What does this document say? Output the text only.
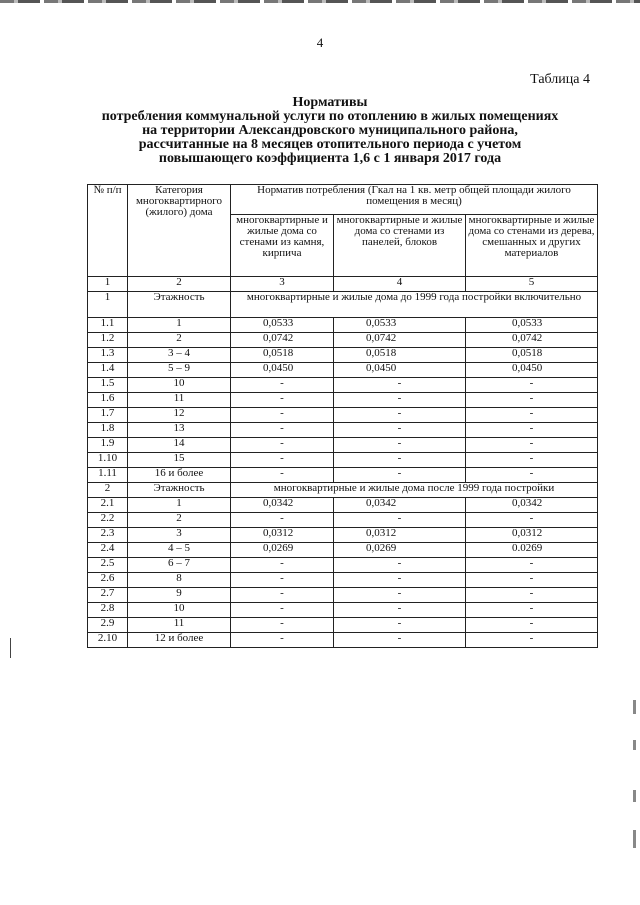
4
Таблица 4
Нормативы
потребления коммунальной услуги по отоплению в жилых помещениях
на территории Александровского муниципального района,
рассчитанные на 8 месяцев отопительного периода с учетом
повышающего коэффициента 1,6 с 1 января 2017 года
№ п/п	Категория многоквартирного (жилого) дома	Норматив потребления (Гкал на 1 кв. метр общей площади жилого помещения в месяц)		
		многоквартирные и жилые дома со стенами из камня, кирпича	многоквартирные и жилые дома со стенами из панелей, блоков	многоквартирные и жилые дома со стенами из дерева, смешанных и других материалов
1	2	3	4	5
1	Этажность	многоквартирные и жилые дома до 1999 года постройки включительно		
1.1	1	0,0533	0,0533	0,0533
1.2	2	0,0742	0,0742	0,0742
1.3	3 – 4	0,0518	0,0518	0,0518
1.4	5 – 9	0,0450	0,0450	0,0450
1.5	10	-	-	-
1.6	11	-	-	-
1.7	12	-	-	-
1.8	13	-	-	-
1.9	14	-	-	-
1.10	15	-	-	-
1.11	16 и более	-	-	-
2	Этажность	многоквартирные и жилые дома после 1999 года постройки		
2.1	1	0,0342	0,0342	0,0342
2.2	2	-	-	-
2.3	3	0,0312	0,0312	0,0312
2.4	4 – 5	0,0269	0,0269	0.0269
2.5	6 – 7	-	-	-
2.6	8	-	-	-
2.7	9	-	-	-
2.8	10	-	-	-
2.9	11	-	-	-
2.10	12 и более	-	-	-
